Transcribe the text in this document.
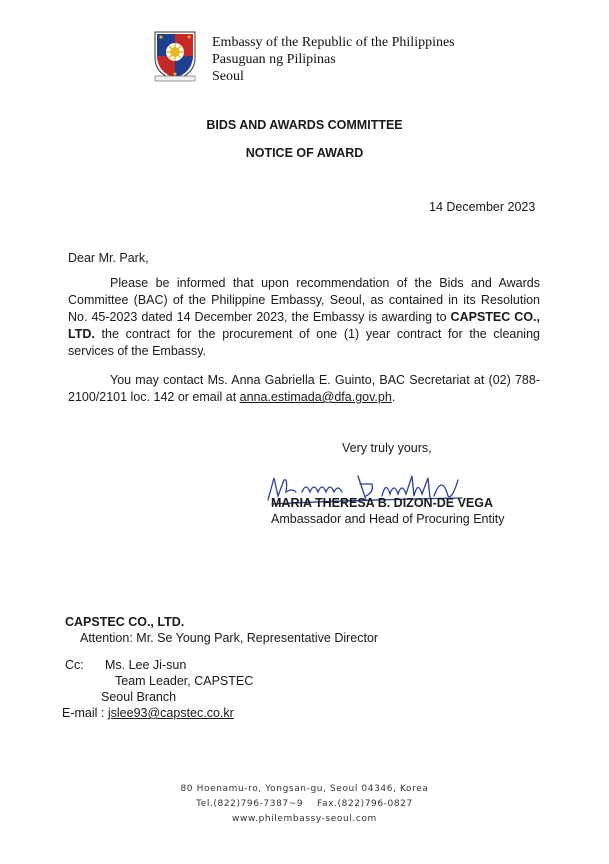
Embassy of the Republic of the Philippines
Pasuguan ng Pilipinas
Seoul
BIDS AND AWARDS COMMITTEE
NOTICE OF AWARD
14 December 2023
Dear Mr. Park,
Please be informed that upon recommendation of the Bids and Awards Committee (BAC) of the Philippine Embassy, Seoul, as contained in its Resolution No. 45-2023 dated 14 December 2023, the Embassy is awarding to CAPSTEC CO., LTD. the contract for the procurement of one (1) year contract for the cleaning services of the Embassy.
You may contact Ms. Anna Gabriella E. Guinto, BAC Secretariat at (02) 788-2100/2101 loc. 142 or email at anna.estimada@dfa.gov.ph.
Very truly yours,
MARIA THERESA B. DIZON-DE VEGA
Ambassador and Head of Procuring Entity
CAPSTEC CO., LTD.
Attention: Mr. Se Young Park, Representative Director
Cc: Ms. Lee Ji-sun
Team Leader, CAPSTEC
Seoul Branch
E-mail : jslee93@capstec.co.kr
80 Hoenamu-ro, Yongsan-gu, Seoul 04346, Korea
Tel.(822)796-7387~9    Fax.(822)796-0827
www.philembassy-seoul.com
